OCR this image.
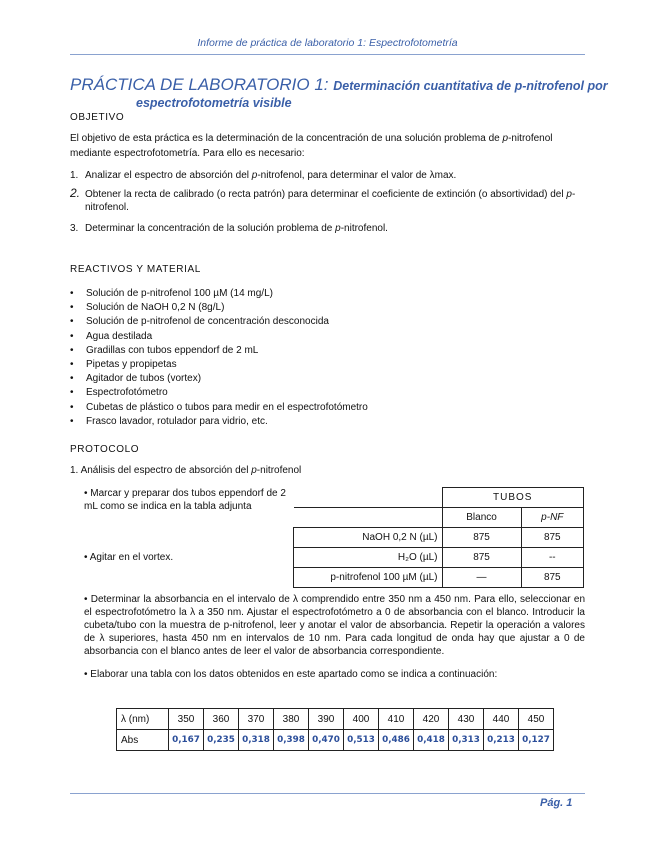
Informe de práctica de laboratorio 1: Espectrofotometría
PRÁCTICA DE LABORATORIO 1: Determinación cuantitativa de p-nitrofenol por
espectrofotometría visible
OBJETIVO
El objetivo de esta práctica es la determinación de la concentración de una solución problema de p-nitrofenol mediante espectrofotometría. Para ello es necesario:
1. Analizar el espectro de absorción del p-nitrofenol, para determinar el valor de λmax.
2. Obtener la recta de calibrado (o recta patrón) para determinar el coeficiente de extinción (o absortividad) del p-nitrofenol.
3. Determinar la concentración de la solución problema de p-nitrofenol.
REACTIVOS Y MATERIAL
• Solución de p-nitrofenol 100 µM (14 mg/L)
• Solución de NaOH 0,2 N (8g/L)
• Solución de p-nitrofenol de concentración desconocida
• Agua destilada
• Gradillas con tubos eppendorf de 2 mL
• Pipetas y propipetas
• Agitador de tubos (vortex)
• Espectrofotómetro
• Cubetas de plástico o tubos para medir en el espectrofotómetro
• Frasco lavador, rotulador para vidrio, etc.
PROTOCOLO
1. Análisis del espectro de absorción del p-nitrofenol
• Marcar y preparar dos tubos eppendorf de 2 mL como se indica en la tabla adjunta
• Agitar en el vortex.
	TUBOS	
	Blanco	p-NF
NaOH 0,2 N (µL)	875	875
H₂O (µL)	875	--
p-nitrofenol 100 µM (µL)	—	875
• Determinar la absorbancia en el intervalo de λ comprendido entre 350 nm a 450 nm. Para ello, seleccionar en el espectrofotómetro la λ a 350 nm. Ajustar el espectrofotómetro a 0 de absorbancia con el blanco. Introducir la cubeta/tubo con la muestra de p-nitrofenol, leer y anotar el valor de absorbancia. Repetir la operación a valores de λ superiores, hasta 450 nm en intervalos de 10 nm. Para cada longitud de onda hay que ajustar a 0 de absorbancia con el blanco antes de leer el valor de absorbancia correspondiente.
• Elaborar una tabla con los datos obtenidos en este apartado como se indica a continuación:
λ (nm)	350	360	370	380	390	400	410	420	430	440	450
Abs	0,167	0,235	0,318	0,398	0,470	0,513	0,486	0,418	0,313	0,213	0,127
Pág. 1
